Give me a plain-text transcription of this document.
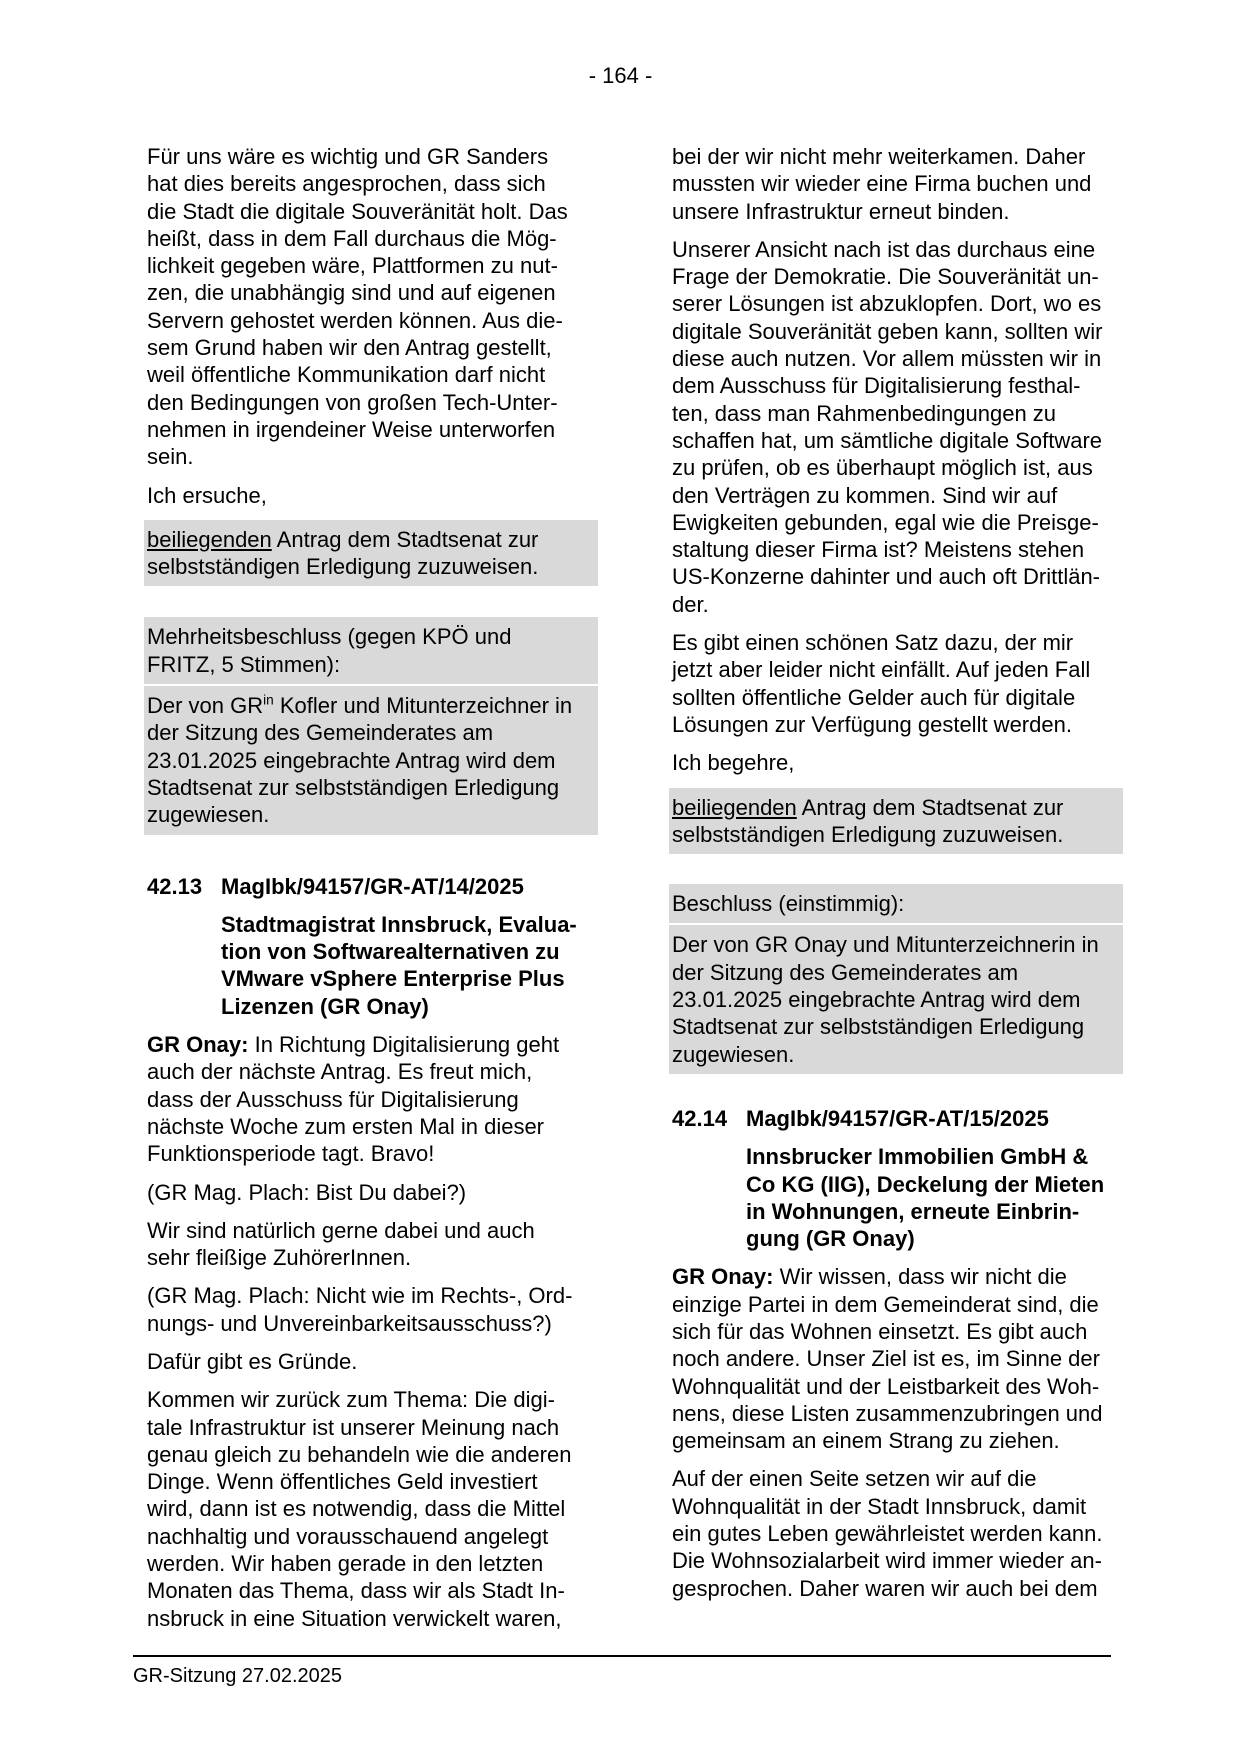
- 164 -
Für uns wäre es wichtig und GR Sanders
hat dies bereits angesprochen, dass sich
die Stadt die digitale Souveränität holt. Das
heißt, dass in dem Fall durchaus die Mög-
lichkeit gegeben wäre, Plattformen zu nut-
zen, die unabhängig sind und auf eigenen
Servern gehostet werden können. Aus die-
sem Grund haben wir den Antrag gestellt,
weil öffentliche Kommunikation darf nicht
den Bedingungen von großen Tech-Unter-
nehmen in irgendeiner Weise unterworfen
sein.
Ich ersuche,
beiliegenden Antrag dem Stadtsenat zur
selbstständigen Erledigung zuzuweisen.
Mehrheitsbeschluss (gegen KPÖ und
FRITZ, 5 Stimmen):
Der von $GR^{in}$ Kofler und Mitunterzeichner in
der Sitzung des Gemeinderates am
23.01.2025 eingebrachte Antrag wird dem
Stadtsenat zur selbstständigen Erledigung
zugewiesen.
42.13 MagIbk/94157/GR-AT/14/2025
Stadtmagistrat Innsbruck, Evalua-
tion von Softwarealternativen zu
VMware vSphere Enterprise Plus
Lizenzen (GR Onay)
GR Onay: In Richtung Digitalisierung geht
auch der nächste Antrag. Es freut mich,
dass der Ausschuss für Digitalisierung
nächste Woche zum ersten Mal in dieser
Funktionsperiode tagt. Bravo!
(GR Mag. Plach: Bist Du dabei?)
Wir sind natürlich gerne dabei und auch
sehr fleißige ZuhörerInnen.
(GR Mag. Plach: Nicht wie im Rechts-, Ord-
nungs- und Unvereinbarkeitsausschuss?)
Dafür gibt es Gründe.
Kommen wir zurück zum Thema: Die digi-
tale Infrastruktur ist unserer Meinung nach
genau gleich zu behandeln wie die anderen
Dinge. Wenn öffentliches Geld investiert
wird, dann ist es notwendig, dass die Mittel
nachhaltig und vorausschauend angelegt
werden. Wir haben gerade in den letzten
Monaten das Thema, dass wir als Stadt In-
nsbruck in eine Situation verwickelt waren,
bei der wir nicht mehr weiterkamen. Daher
mussten wir wieder eine Firma buchen und
unsere Infrastruktur erneut binden.
Unserer Ansicht nach ist das durchaus eine
Frage der Demokratie. Die Souveränität un-
serer Lösungen ist abzuklopfen. Dort, wo es
digitale Souveränität geben kann, sollten wir
diese auch nutzen. Vor allem müssten wir in
dem Ausschuss für Digitalisierung festhal-
ten, dass man Rahmenbedingungen zu
schaffen hat, um sämtliche digitale Software
zu prüfen, ob es überhaupt möglich ist, aus
den Verträgen zu kommen. Sind wir auf
Ewigkeiten gebunden, egal wie die Preisge-
staltung dieser Firma ist? Meistens stehen
US-Konzerne dahinter und auch oft Drittlän-
der.
Es gibt einen schönen Satz dazu, der mir
jetzt aber leider nicht einfällt. Auf jeden Fall
sollten öffentliche Gelder auch für digitale
Lösungen zur Verfügung gestellt werden.
Ich begehre,
beiliegenden Antrag dem Stadtsenat zur
selbstständigen Erledigung zuzuweisen.
Beschluss (einstimmig):
Der von GR Onay und Mitunterzeichnerin in
der Sitzung des Gemeinderates am
23.01.2025 eingebrachte Antrag wird dem
Stadtsenat zur selbstständigen Erledigung
zugewiesen.
42.14 MagIbk/94157/GR-AT/15/2025
Innsbrucker Immobilien GmbH &
Co KG (IIG), Deckelung der Mieten
in Wohnungen, erneute Einbrin-
gung (GR Onay)
GR Onay: Wir wissen, dass wir nicht die
einzige Partei in dem Gemeinderat sind, die
sich für das Wohnen einsetzt. Es gibt auch
noch andere. Unser Ziel ist es, im Sinne der
Wohnqualität und der Leistbarkeit des Woh-
nens, diese Listen zusammenzubringen und
gemeinsam an einem Strang zu ziehen.
Auf der einen Seite setzen wir auf die
Wohnqualität in der Stadt Innsbruck, damit
ein gutes Leben gewährleistet werden kann.
Die Wohnsozialarbeit wird immer wieder an-
gesprochen. Daher waren wir auch bei dem
GR-Sitzung 27.02.2025
